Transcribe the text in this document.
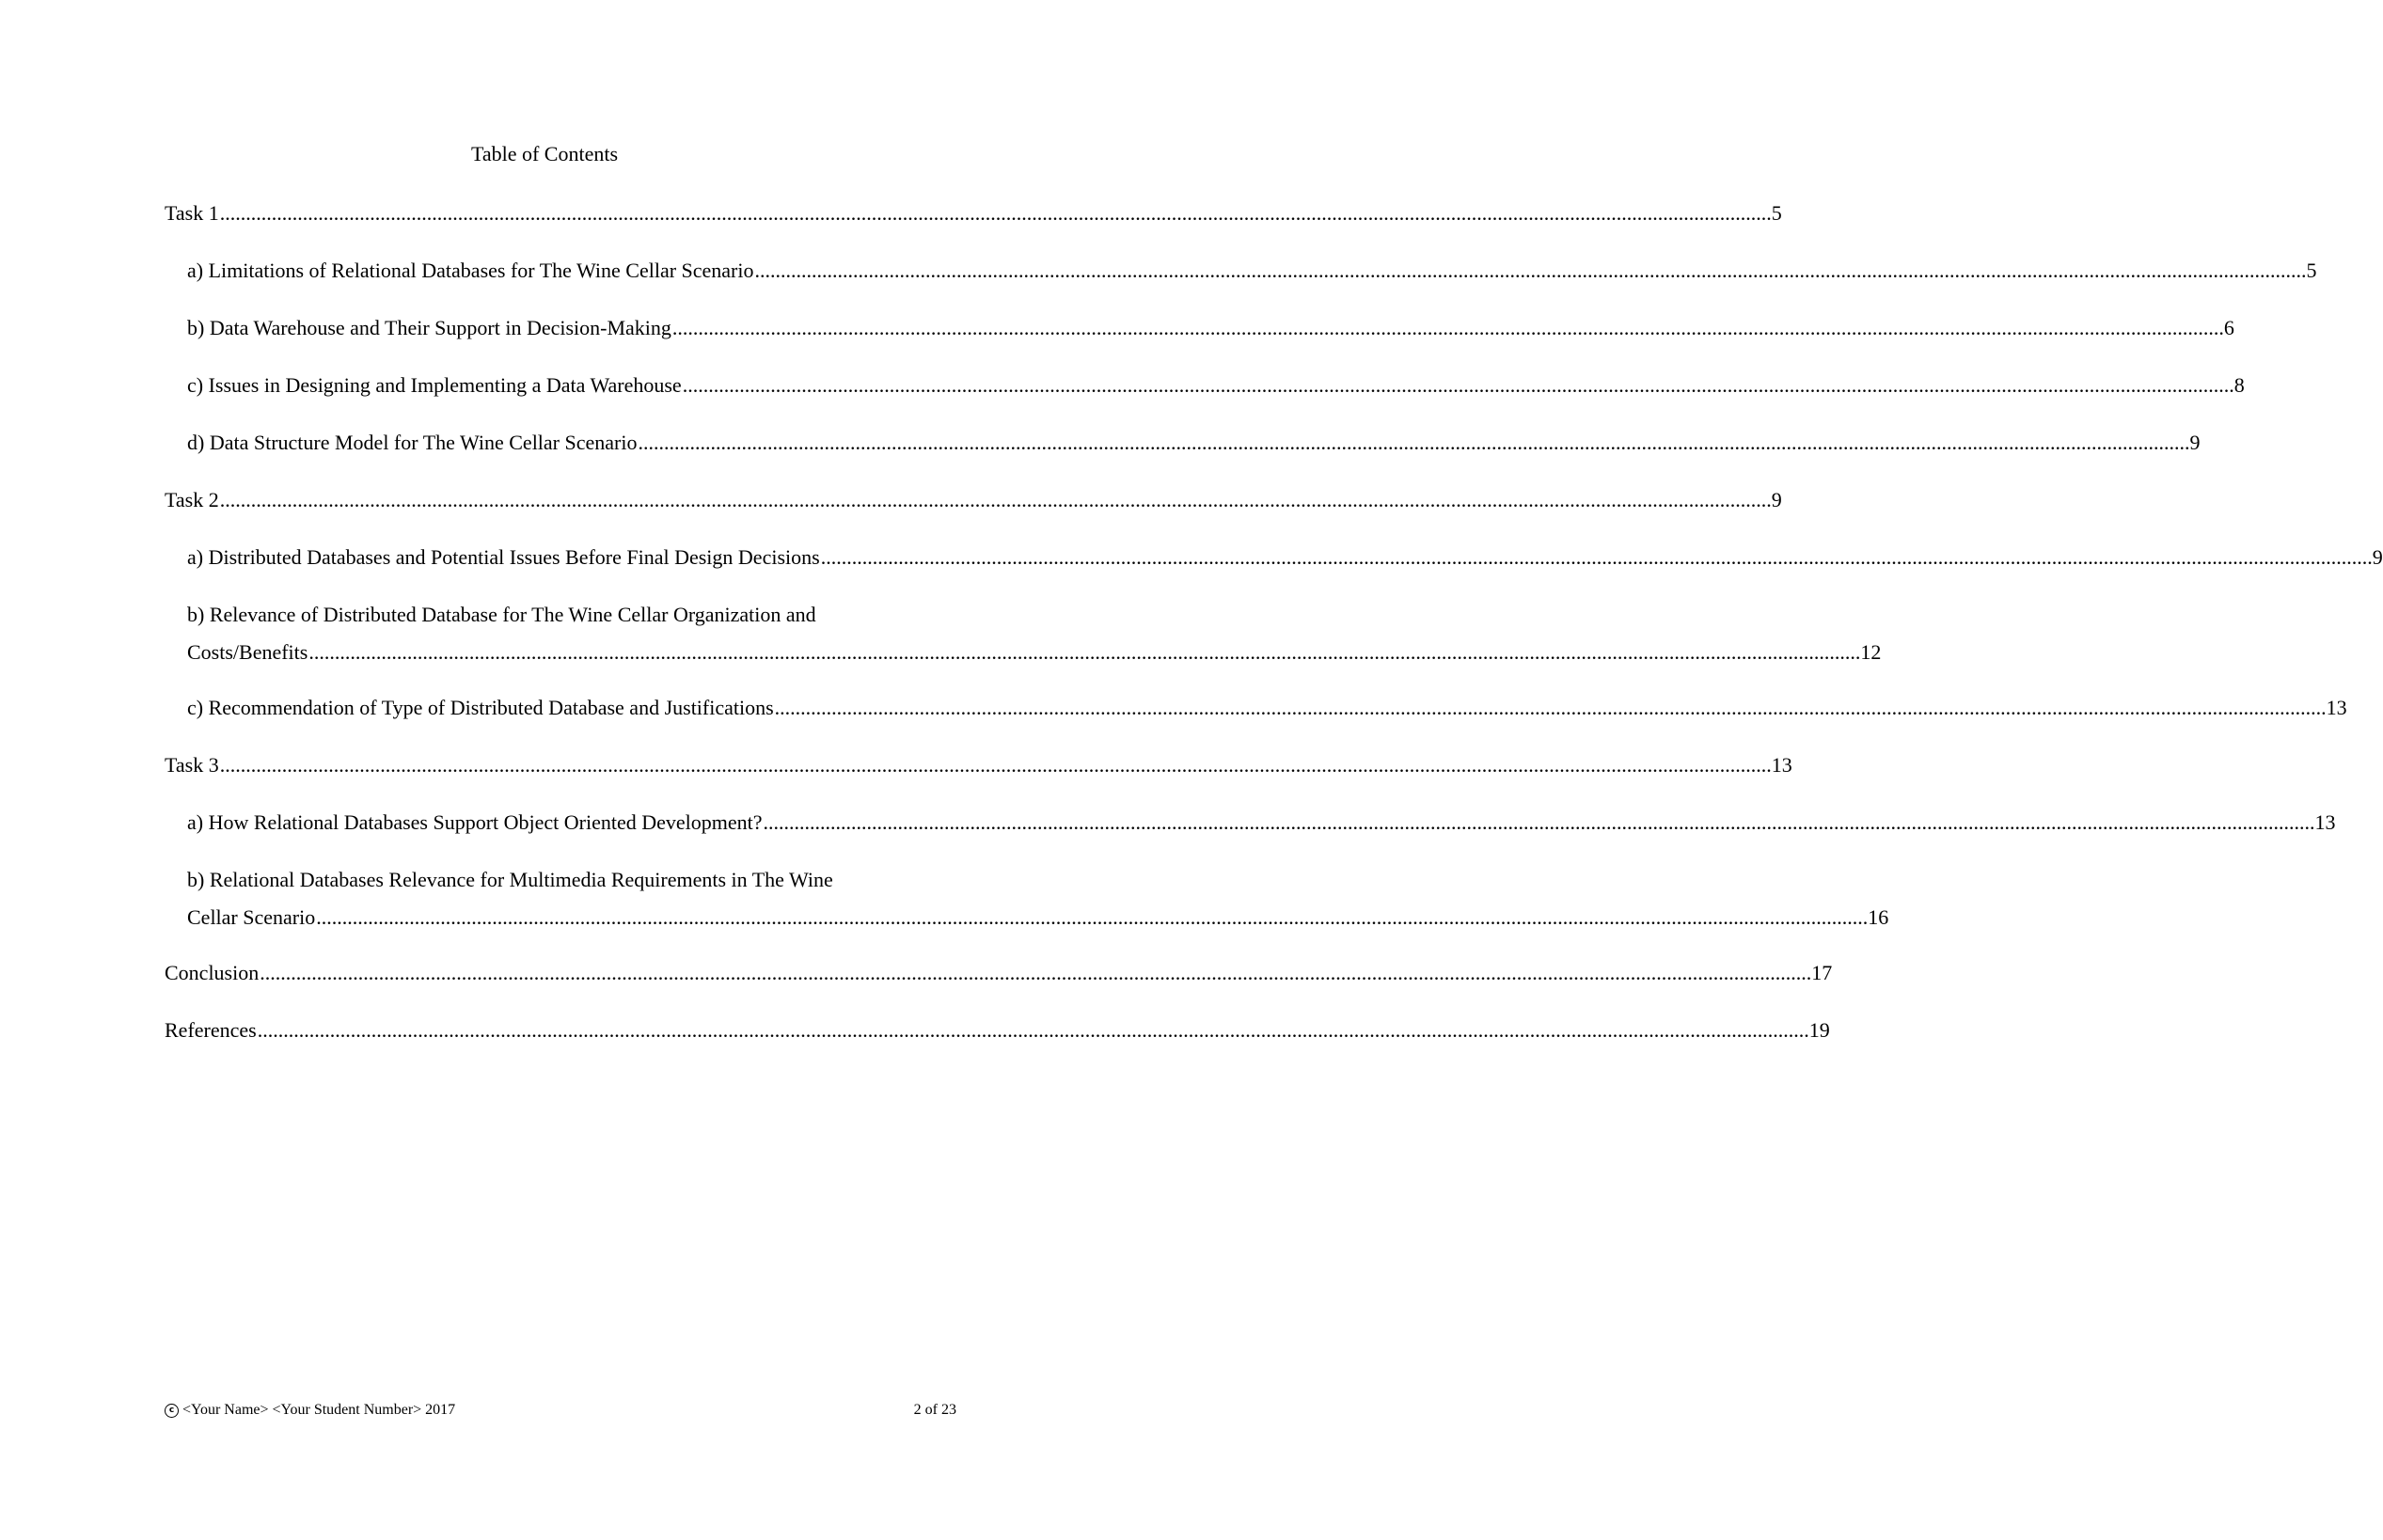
Table of Contents
Task 1 ............................................................................................................................................................................................................................................................................................................ 5
a) Limitations of Relational Databases for The Wine Cellar Scenario ............................................................................................................................................................................................................................................................................................................ 5
b) Data Warehouse and Their Support in Decision-Making ............................................................................................................................................................................................................................................................................................................ 6
c) Issues in Designing and Implementing a Data Warehouse ............................................................................................................................................................................................................................................................................................................ 8
d) Data Structure Model for The Wine Cellar Scenario ............................................................................................................................................................................................................................................................................................................ 9
Task 2 ............................................................................................................................................................................................................................................................................................................ 9
a) Distributed Databases and Potential Issues Before Final Design Decisions ............................................................................................................................................................................................................................................................................................................ 9
b) Relevance of Distributed Database for The Wine Cellar Organization and
Costs/Benefits ............................................................................................................................................................................................................................................................................................................ 12
c) Recommendation of Type of Distributed Database and Justifications ............................................................................................................................................................................................................................................................................................................ 13
Task 3 ............................................................................................................................................................................................................................................................................................................ 13
a) How Relational Databases Support Object Oriented Development? ............................................................................................................................................................................................................................................................................................................ 13
b) Relational Databases Relevance for Multimedia Requirements in The Wine
Cellar Scenario ............................................................................................................................................................................................................................................................................................................ 16
Conclusion ............................................................................................................................................................................................................................................................................................................ 17
References ............................................................................................................................................................................................................................................................................................................ 19
c <Your Name> <Your Student Number> 2017	2 of 23
